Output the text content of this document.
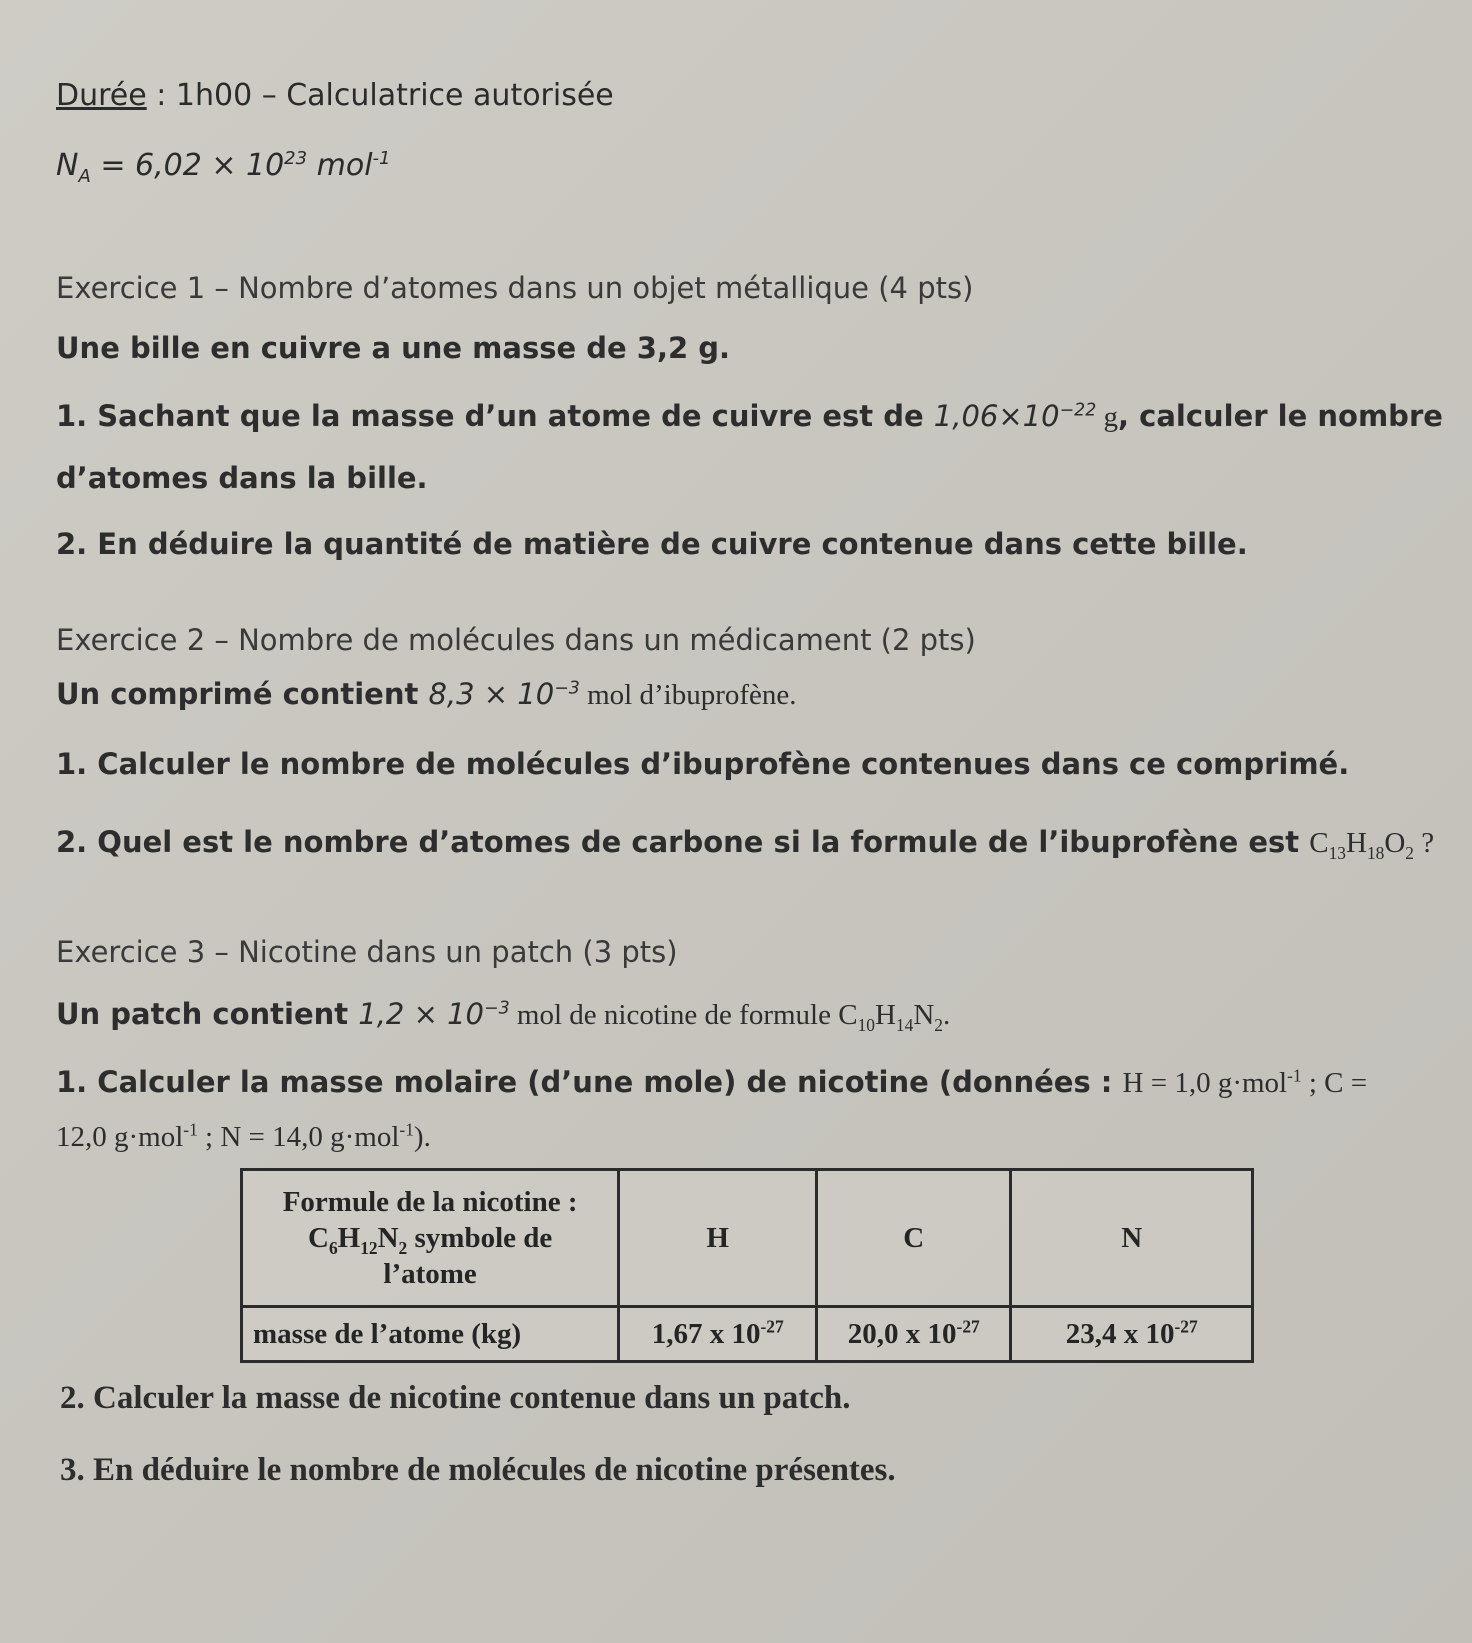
Durée : 1h00 – Calculatrice autorisée
$N_A = 6,02 \times 10^{23}$ mol$^{-1}$
Exercice 1 – Nombre d’atomes dans un objet métallique (4 pts)
Une bille en cuivre a une masse de 3,2 g.
1. Sachant que la masse d’un atome de cuivre est de $1,06\times 10^{-22}$ g, calculer le nombre
d’atomes dans la bille.
2. En déduire la quantité de matière de cuivre contenue dans cette bille.
Exercice 2 – Nombre de molécules dans un médicament (2 pts)
Un comprimé contient $8,3 \times 10^{-3}$ mol d’ibuprofène.
1. Calculer le nombre de molécules d’ibuprofène contenues dans ce comprimé.
2. Quel est le nombre d’atomes de carbone si la formule de l’ibuprofène est $C_{13}H_{18}O_2$ ?
Exercice 3 – Nicotine dans un patch (3 pts)
Un patch contient $1,2 \times 10^{-3}$ mol de nicotine de formule $C_{10}H_{14}N_2$.
1. Calculer la masse molaire (d’une mole) de nicotine (données : H = 1,0 g·mol$^{-1}$ ; C =
12,0 g·mol$^{-1}$ ; N = 14,0 g·mol$^{-1}$).
Formule de la nicotine :
$C_6H_{12}N_2$ symbole de
l’atome	H	C	N
masse de l’atome (kg)	1,67 x $10^{-27}$	20,0 x $10^{-27}$	23,4 x $10^{-27}$
2. Calculer la masse de nicotine contenue dans un patch.
3. En déduire le nombre de molécules de nicotine présentes.
